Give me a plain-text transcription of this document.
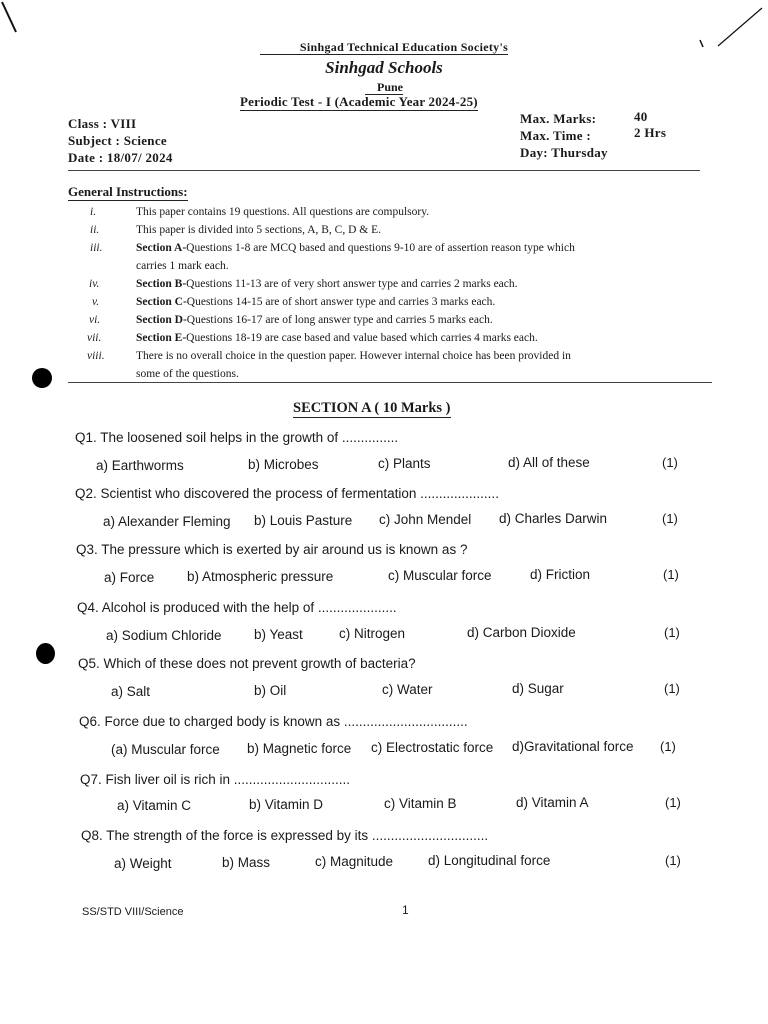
Sinhgad Technical Education Society's
Sinhgad Schools
Pune
Periodic Test - I (Academic Year 2024-25)
Class : VIII
Subject : Science
Date : 18/07/ 2024
Max. Marks:	40
Max. Time :	2 Hrs
Day: Thursday
General Instructions:
i.	This paper contains 19 questions. All questions are compulsory.
ii.	This paper is divided into 5 sections, A, B, C, D & E.
iii.	Section A-Questions 1-8 are MCQ based and questions 9-10 are of assertion reason type which
carries 1 mark each.
iv.	Section B-Questions 11-13 are of very short answer type and carries 2 marks each.
v.	Section C-Questions 14-15 are of short answer type and carries 3 marks each.
vi.	Section D-Questions 16-17 are of long answer type and carries 5 marks each.
vii.	Section E-Questions 18-19 are case based and value based which carries 4 marks each.
viii.	There is no overall choice in the question paper. However internal choice has been provided in
some of the questions.
SECTION A ( 10 Marks )
Q1. The loosened soil helps in the growth of ...............
a) Earthworms	b) Microbes	c) Plants	d) All of these	(1)
Q2. Scientist who discovered the process of fermentation .....................
a) Alexander Fleming b) Louis Pasture c) John Mendel d) Charles Darwin	(1)
Q3. The pressure which is exerted by air around us is known as ?
a) Force b) Atmospheric pressure	c) Muscular force	d) Friction	(1)
Q4. Alcohol is produced with the help of .....................
a) Sodium Chloride b) Yeast	c) Nitrogen	d) Carbon Dioxide	(1)
Q5. Which of these does not prevent growth of bacteria?
a) Salt	b) Oil	c) Water	d) Sugar	(1)
Q6. Force due to charged body is known as .................................
(a) Muscular force b) Magnetic force c) Electrostatic force d)Gravitational force (1)
Q7. Fish liver oil is rich in ...............................
a) Vitamin C	b) Vitamin D	c) Vitamin B	d) Vitamin A	(1)
Q8. The strength of the force is expressed by its ...............................
a) Weight	b) Mass	c) Magnitude	d) Longitudinal force	(1)
SS/STD VIII/Science	1
